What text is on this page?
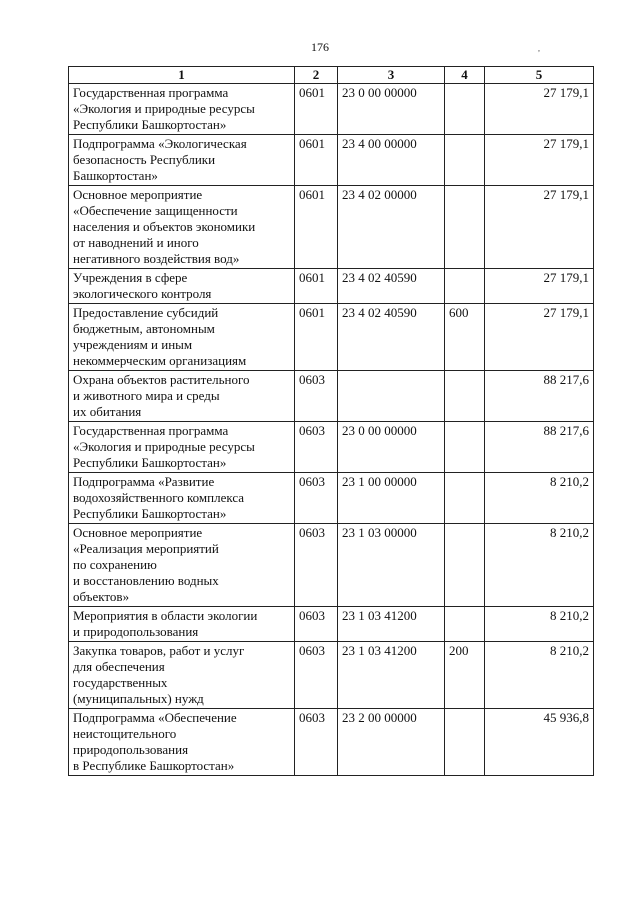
176	,
1	2	3	4	5
Государственная программа
«Экология и природные ресурсы
Республики Башкортостан»	0601	23 0 00 00000		27 179,1
Подпрограмма «Экологическая
безопасность Республики
Башкортостан»	0601	23 4 00 00000		27 179,1
Основное мероприятие
«Обеспечение защищенности
населения и объектов экономики
от наводнений и иного
негативного воздействия вод»	0601	23 4 02 00000		27 179,1
Учреждения в сфере
экологического контроля	0601	23 4 02 40590		27 179,1
Предоставление субсидий
бюджетным, автономным
учреждениям и иным
некоммерческим организациям	0601	23 4 02 40590	600	27 179,1
Охрана объектов растительного
и животного мира и среды
их обитания	0603			88 217,6
Государственная программа
«Экология и природные ресурсы
Республики Башкортостан»	0603	23 0 00 00000		88 217,6
Подпрограмма «Развитие
водохозяйственного комплекса
Республики Башкортостан»	0603	23 1 00 00000		8 210,2
Основное мероприятие
«Реализация мероприятий
по сохранению
и восстановлению водных
объектов»	0603	23 1 03 00000		8 210,2
Мероприятия в области экологии
и природопользования	0603	23 1 03 41200		8 210,2
Закупка товаров, работ и услуг
для обеспечения
государственных
(муниципальных) нужд	0603	23 1 03 41200	200	8 210,2
Подпрограмма «Обеспечение
неистощительного
природопользования
в Республике Башкортостан»	0603	23 2 00 00000		45 936,8
